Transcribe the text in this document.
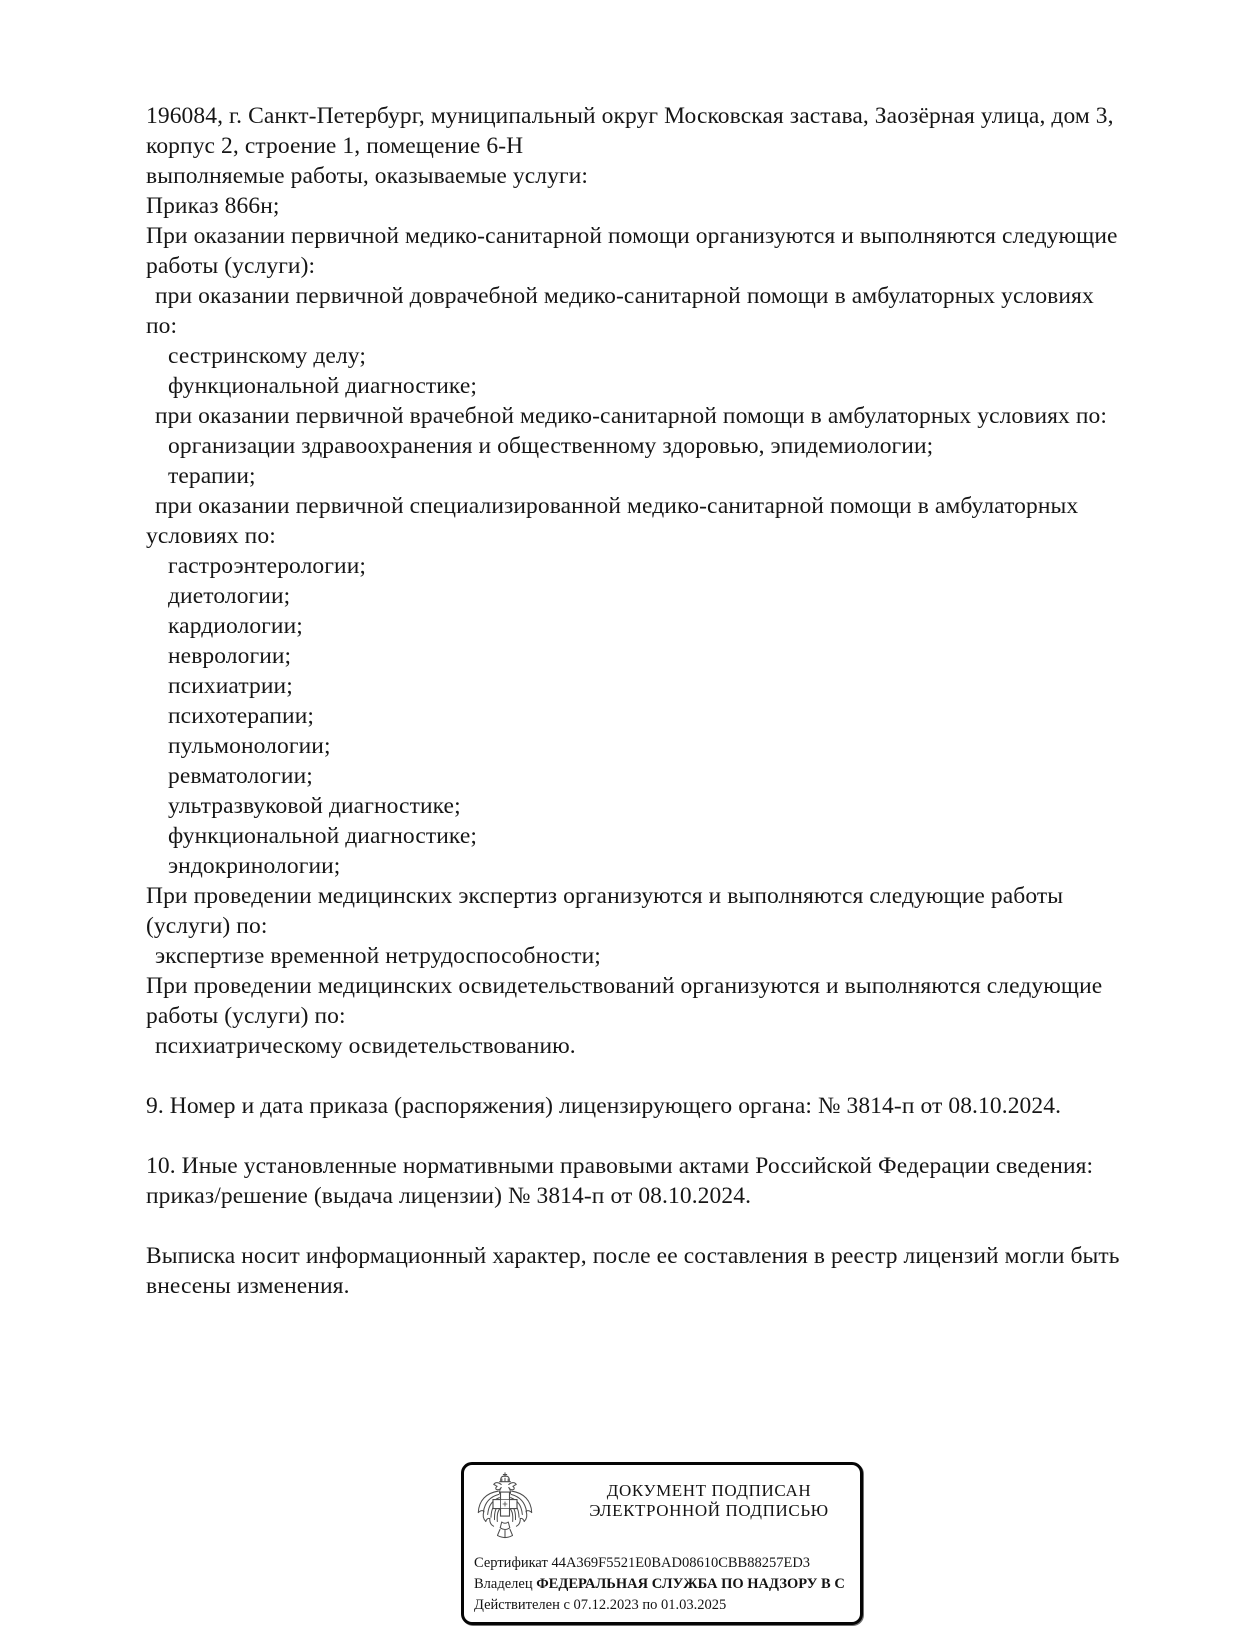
196084, г. Санкт-Петербург, муниципальный округ Московская застава, Заозёрная улица, дом 3,
корпус 2, строение 1, помещение 6-Н
выполняемые работы, оказываемые услуги:
Приказ 866н;
При оказании первичной медико-санитарной помощи организуются и выполняются следующие
работы (услуги):
при оказании первичной доврачебной медико-санитарной помощи в амбулаторных условиях
по:
сестринскому делу;
функциональной диагностике;
при оказании первичной врачебной медико-санитарной помощи в амбулаторных условиях по:
организации здравоохранения и общественному здоровью, эпидемиологии;
терапии;
при оказании первичной специализированной медико-санитарной помощи в амбулаторных
условиях по:
гастроэнтерологии;
диетологии;
кардиологии;
неврологии;
психиатрии;
психотерапии;
пульмонологии;
ревматологии;
ультразвуковой диагностике;
функциональной диагностике;
эндокринологии;
При проведении медицинских экспертиз организуются и выполняются следующие работы
(услуги) по:
экспертизе временной нетрудоспособности;
При проведении медицинских освидетельствований организуются и выполняются следующие
работы (услуги) по:
психиатрическому освидетельствованию.

9. Номер и дата приказа (распоряжения) лицензирующего органа: № 3814-п от 08.10.2024.

10. Иные установленные нормативными правовыми актами Российской Федерации сведения:
приказ/решение (выдача лицензии) № 3814-п от 08.10.2024.

Выписка носит информационный характер, после ее составления в реестр лицензий могли быть
внесены изменения.
ДОКУМЕНТ ПОДПИСАН
ЭЛЕКТРОННОЙ ПОДПИСЬЮ
Сертификат 44A369F5521E0BAD08610CBB88257ED3
Владелец ФЕДЕРАЛЬНАЯ СЛУЖБА ПО НАДЗОРУ В С
Действителен с 07.12.2023 по 01.03.2025
